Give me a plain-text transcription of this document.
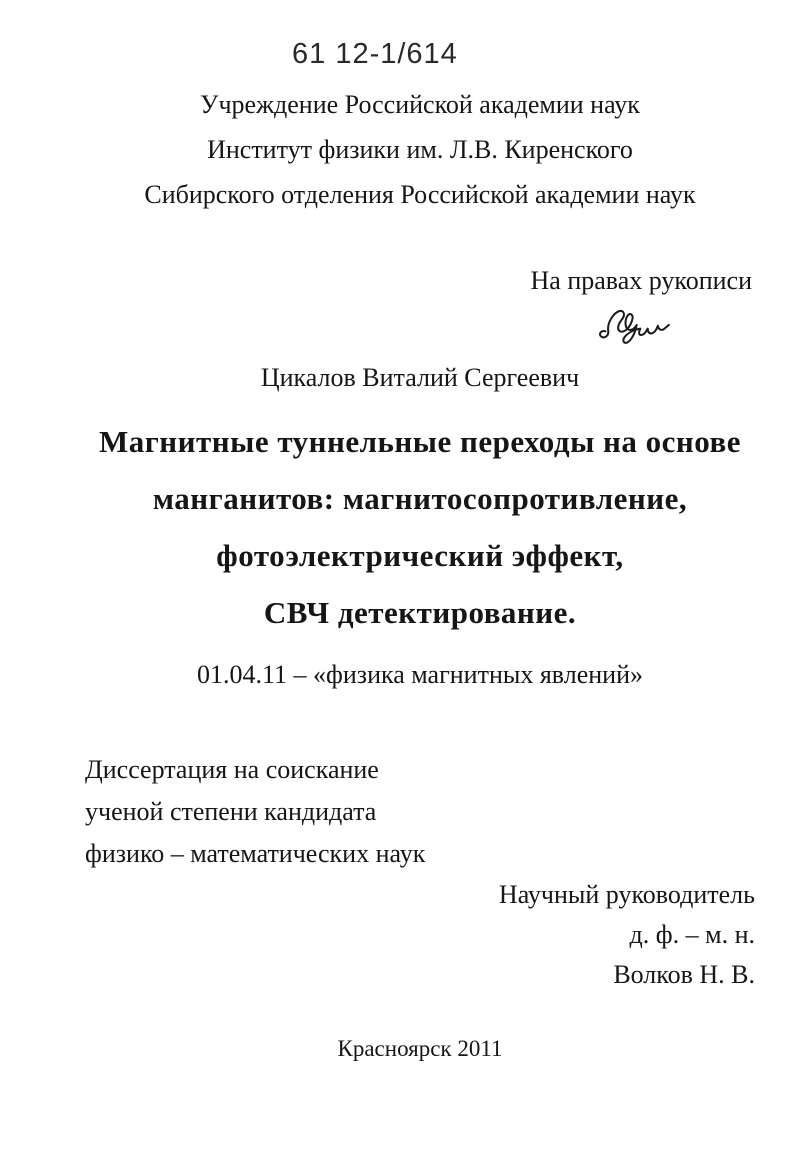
61 12-1/614
Учреждение Российской академии наук
Институт физики им. Л.В. Киренского
Сибирского отделения Российской академии наук
На правах рукописи
Цикалов Виталий Сергеевич
Магнитные туннельные переходы на основе
манганитов: магнитосопротивление,
фотоэлектрический эффект,
СВЧ детектирование.
01.04.11 – «физика магнитных явлений»
Диссертация на соискание
ученой степени кандидата
физико – математических наук
Научный руководитель
д. ф. – м. н.
Волков Н. В.
Красноярск 2011
